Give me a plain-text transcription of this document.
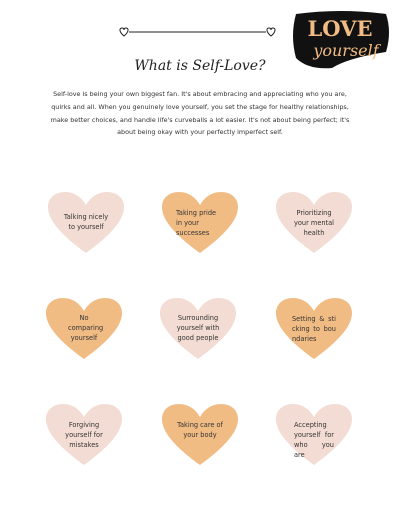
What is Self-Love?
LOVE
yourself
Self-love is being your own biggest fan. It's about embracing and appreciating who you are, quirks and all. When you genuinely love yourself, you set the stage for healthy relationships, make better choices, and handle life's curveballs a lot easier. It's not about being perfect; it's about being okay with your perfectly imperfect self.
Talking nicely to yourself
Taking pride in your successes
Prioritizing your mental health
No comparing yourself
Surrounding yourself with good people
Setting & sticking to boundaries
Forgiving yourself for mistakes
Taking care of your body
Accepting yourself for who you are
